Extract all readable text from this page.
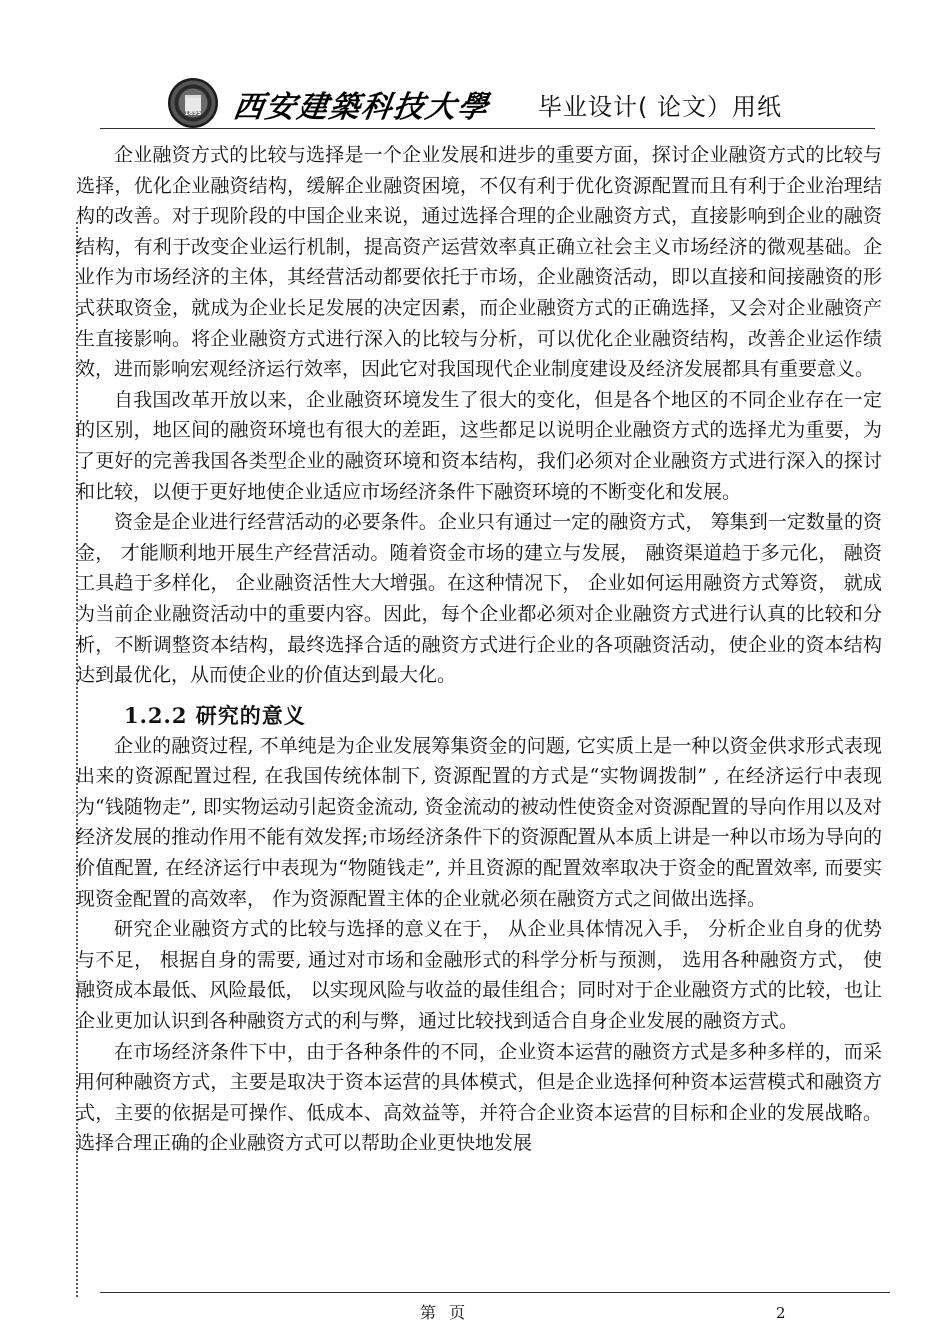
1895 西安建築科技大學 毕业设计( 论文）用纸

企业融资方式的比较与选择是一个企业发展和进步的重要方面，探讨企业融资方式的比较与选择，优化企业融资结构，缓解企业融资困境，不仅有利于优化资源配置而且有利于企业治理结构的改善。对于现阶段的中国企业来说，通过选择合理的企业融资方式，直接影响到企业的融资结构，有利于改变企业运行机制，提高资产运营效率真正确立社会主义市场经济的微观基础。企业作为市场经济的主体，其经营活动都要依托于市场，企业融资活动，即以直接和间接融资的形式获取资金，就成为企业长足发展的决定因素，而企业融资方式的正确选择，又会对企业融资产生直接影响。将企业融资方式进行深入的比较与分析，可以优化企业融资结构，改善企业运作绩效，进而影响宏观经济运行效率，因此它对我国现代企业制度建设及经济发展都具有重要意义。

自我国改革开放以来，企业融资环境发生了很大的变化，但是各个地区的不同企业存在一定的区别，地区间的融资环境也有很大的差距，这些都足以说明企业融资方式的选择尤为重要，为了更好的完善我国各类型企业的融资环境和资本结构，我们必须对企业融资方式进行深入的探讨和比较，以便于更好地使企业适应市场经济条件下融资环境的不断变化和发展。

资金是企业进行经营活动的必要条件。企业只有通过一定的融资方式， 筹集到一定数量的资金， 才能顺利地开展生产经营活动。随着资金市场的建立与发展， 融资渠道趋于多元化， 融资工具趋于多样化， 企业融资活性大大增强。在这种情况下， 企业如何运用融资方式筹资， 就成为当前企业融资活动中的重要内容。因此，每个企业都必须对企业融资方式进行认真的比较和分析，不断调整资本结构，最终选择合适的融资方式进行企业的各项融资活动，使企业的资本结构达到最优化，从而使企业的价值达到最大化。

1.2.2 研究的意义

企业的融资过程, 不单纯是为企业发展筹集资金的问题, 它实质上是一种以资金供求形式表现出来的资源配置过程, 在我国传统体制下, 资源配置的方式是“实物调拨制” , 在经济运行中表现为“钱随物走”, 即实物运动引起资金流动, 资金流动的被动性使资金对资源配置的导向作用以及对经济发展的推动作用不能有效发挥;市场经济条件下的资源配置从本质上讲是一种以市场为导向的价值配置, 在经济运行中表现为“物随钱走”, 并且资源的配置效率取决于资金的配置效率, 而要实现资金配置的高效率， 作为资源配置主体的企业就必须在融资方式之间做出选择。

研究企业融资方式的比较与选择的意义在于， 从企业具体情况入手， 分析企业自身的优势与不足， 根据自身的需要, 通过对市场和金融形式的科学分析与预测， 选用各种融资方式， 使融资成本最低、风险最低， 以实现风险与收益的最佳组合；同时对于企业融资方式的比较，也让企业更加认识到各种融资方式的利与弊，通过比较找到适合自身企业发展的融资方式。

在市场经济条件下中，由于各种条件的不同，企业资本运营的融资方式是多种多样的，而采用何种融资方式，主要是取决于资本运营的具体模式，但是企业选择何种资本运营模式和融资方式，主要的依据是可操作、低成本、高效益等，并符合企业资本运营的目标和企业的发展战略。选择合理正确的企业融资方式可以帮助企业更快地发展

第 页	2
